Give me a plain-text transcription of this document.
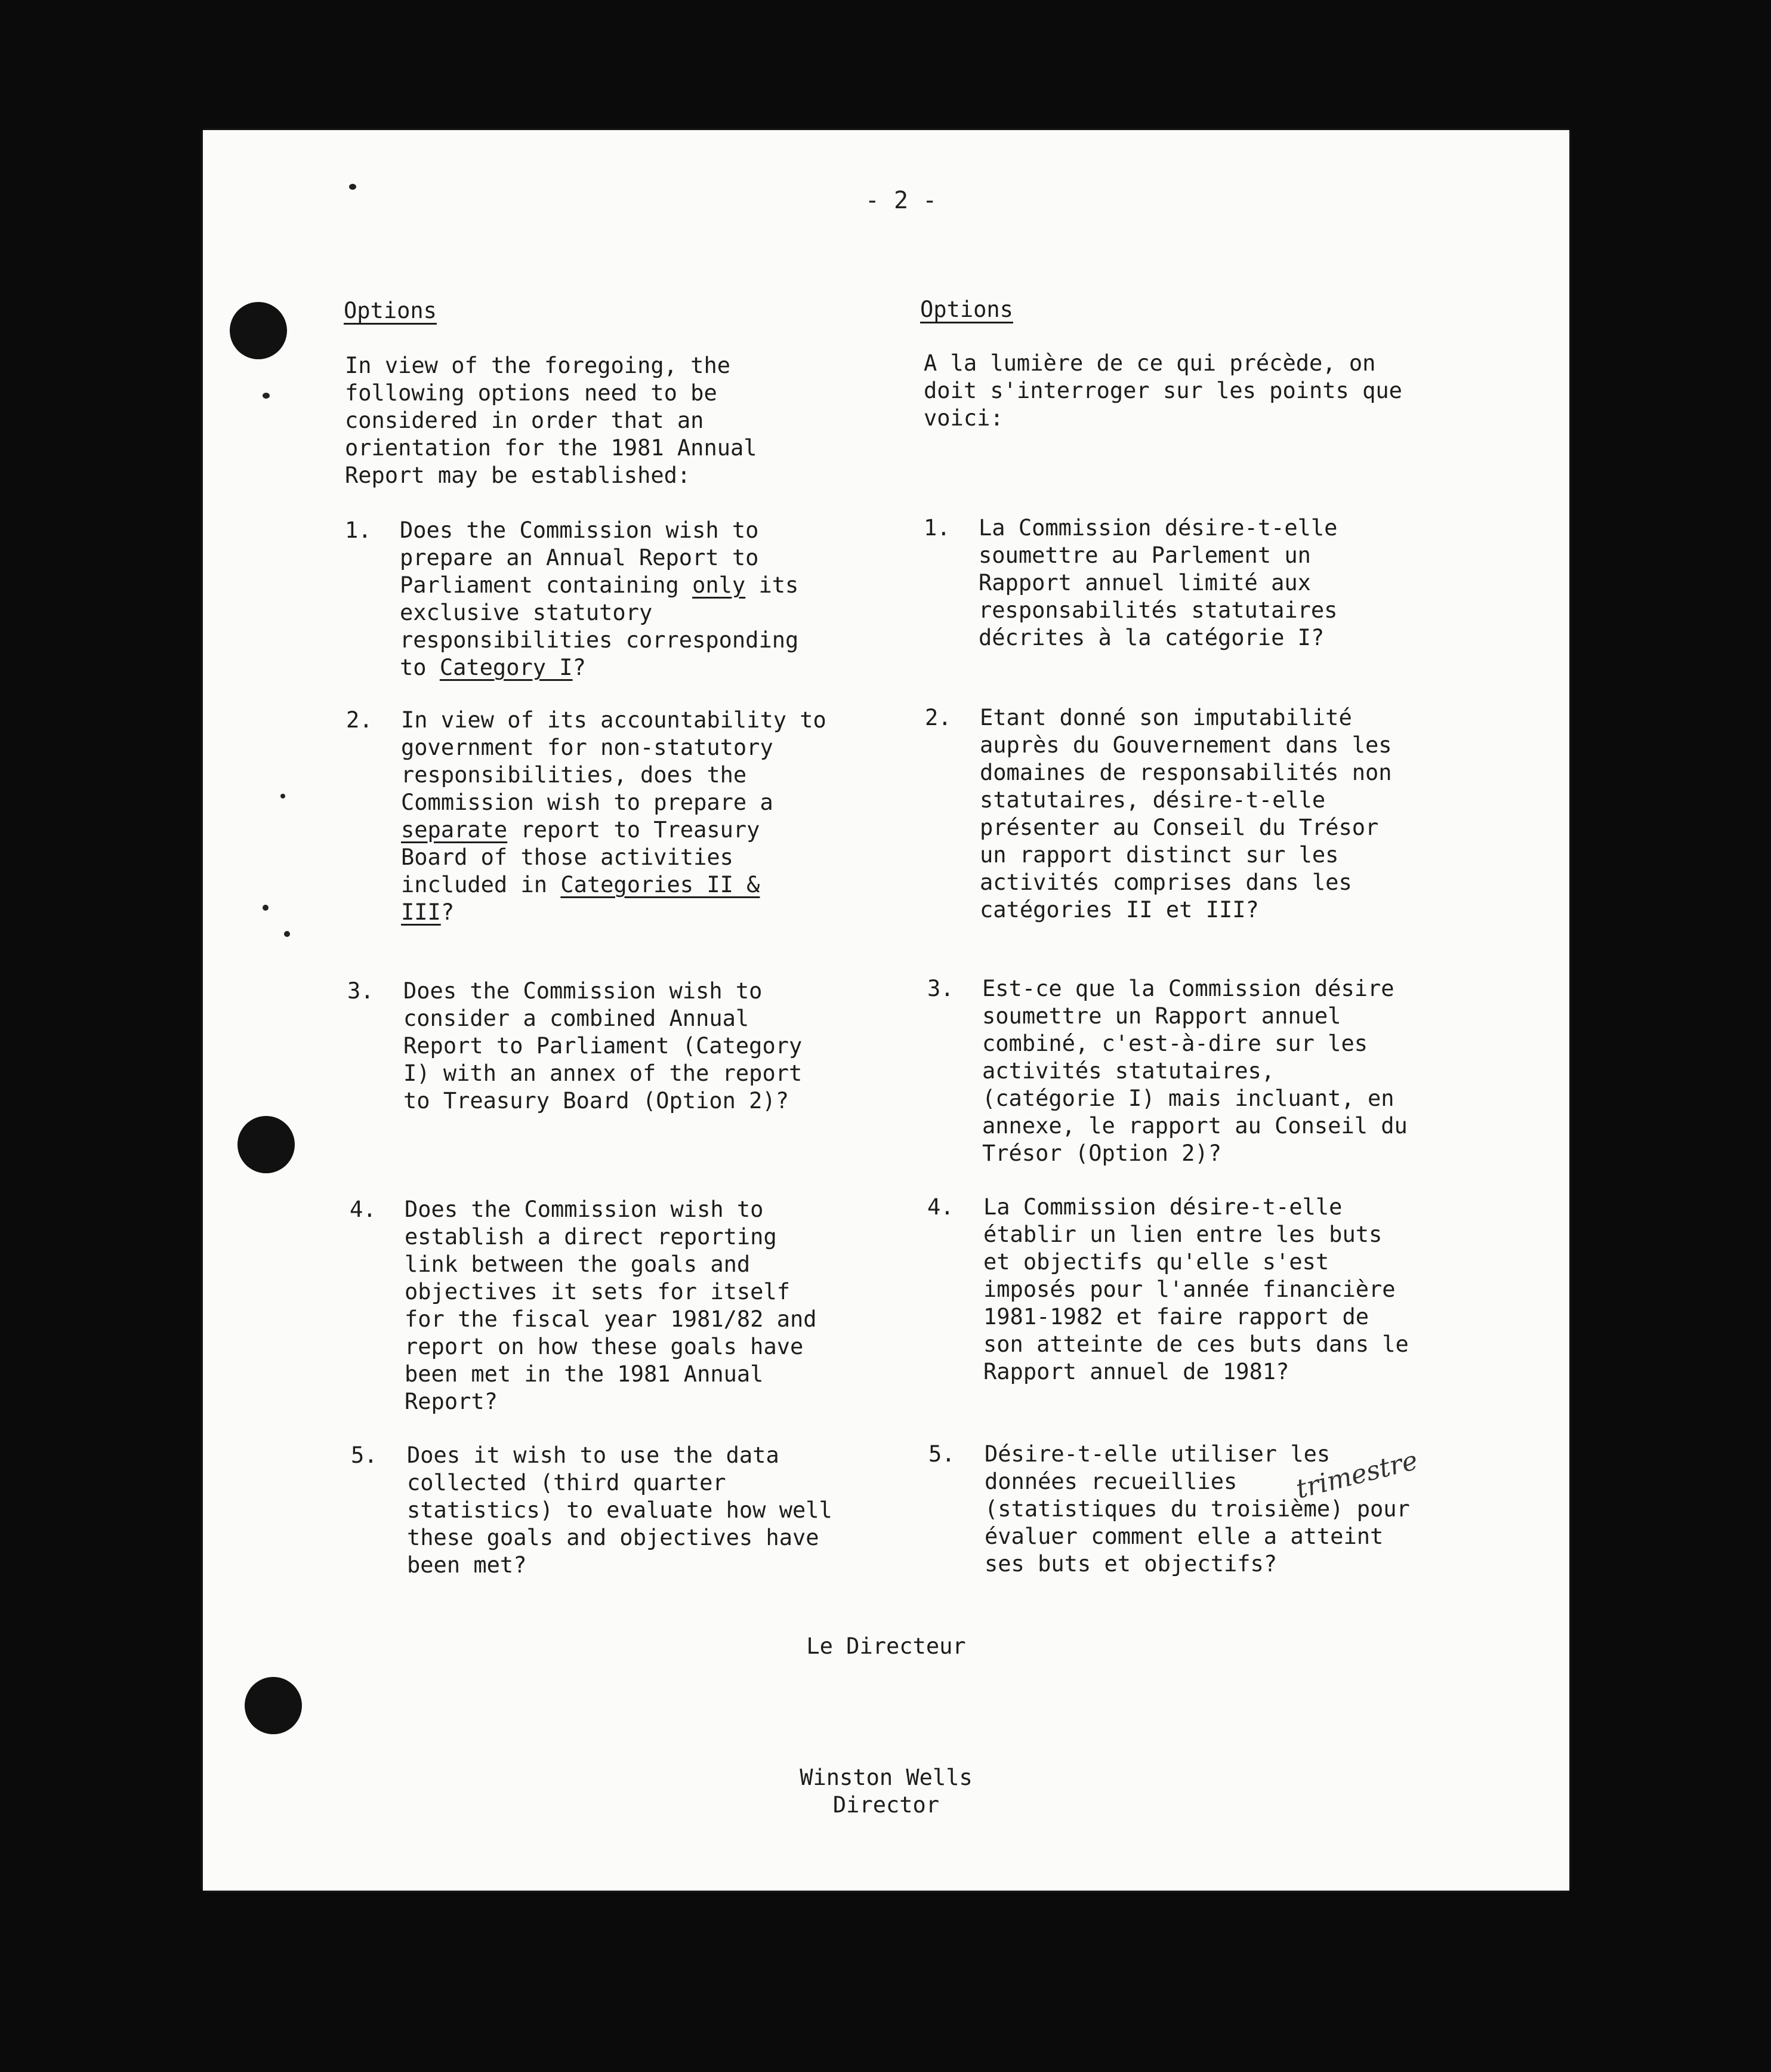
- 2 -
Options
In view of the foregoing, the
following options need to be
considered in order that an
orientation for the 1981 Annual
Report may be established:
1. Does the Commission wish to
prepare an Annual Report to
Parliament containing only its
exclusive statutory
responsibilities corresponding
to Category I?
2. In view of its accountability to
government for non-statutory
responsibilities, does the
Commission wish to prepare a
separate report to Treasury
Board of those activities
included in Categories II &
III?
3. Does the Commission wish to
consider a combined Annual
Report to Parliament (Category
I) with an annex of the report
to Treasury Board (Option 2)?
4. Does the Commission wish to
establish a direct reporting
link between the goals and
objectives it sets for itself
for the fiscal year 1981/82 and
report on how these goals have
been met in the 1981 Annual
Report?
5. Does it wish to use the data
collected (third quarter
statistics) to evaluate how well
these goals and objectives have
been met?
Options
A la lumière de ce qui précède, on
doit s'interroger sur les points que
voici:
1. La Commission désire-t-elle
soumettre au Parlement un
Rapport annuel limité aux
responsabilités statutaires
décrites à la catégorie I?
2. Etant donné son imputabilité
auprès du Gouvernement dans les
domaines de responsabilités non
statutaires, désire-t-elle
présenter au Conseil du Trésor
un rapport distinct sur les
activités comprises dans les
catégories II et III?
3. Est-ce que la Commission désire
soumettre un Rapport annuel
combiné, c'est-à-dire sur les
activités statutaires,
(catégorie I) mais incluant, en
annexe, le rapport au Conseil du
Trésor (Option 2)?
4. La Commission désire-t-elle
établir un lien entre les buts
et objectifs qu'elle s'est
imposés pour l'année financière
1981-1982 et faire rapport de
son atteinte de ces buts dans le
Rapport annuel de 1981?
5. Désire-t-elle utiliser les
données recueillies
(statistiques du troisième) pour
évaluer comment elle a atteint
ses buts et objectifs?
trimestre
Le Directeur
Winston Wells
Director
